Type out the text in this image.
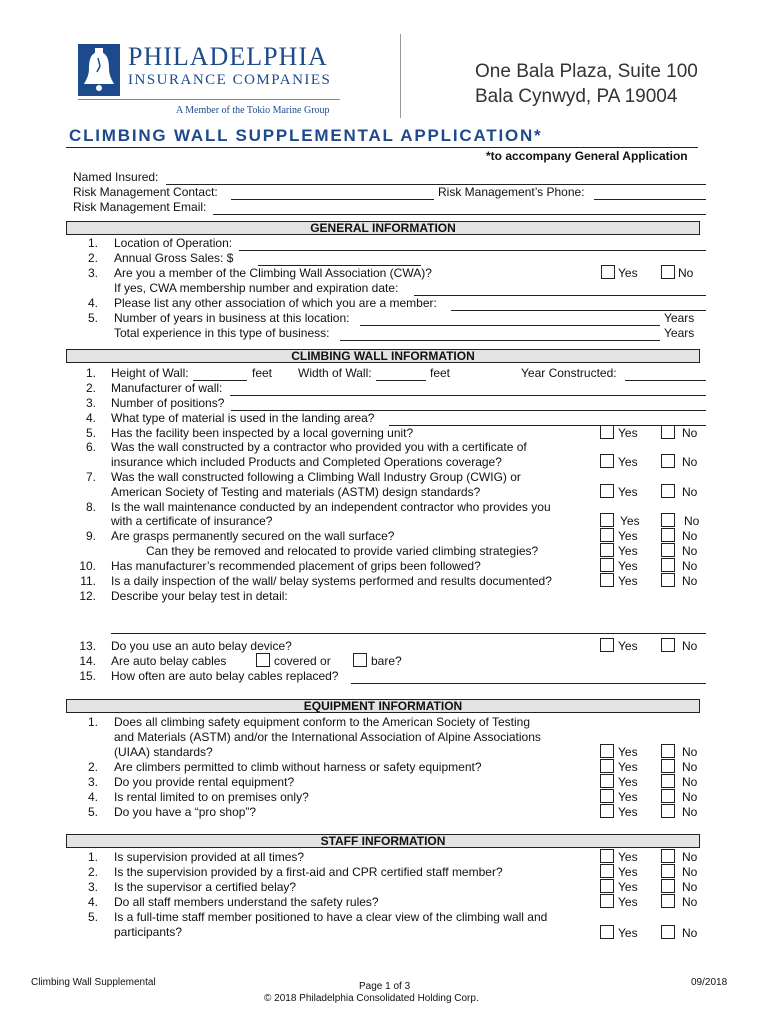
PHILADELPHIA
INSURANCE COMPANIES
A Member of the Tokio Marine Group
One Bala Plaza, Suite 100
Bala Cynwyd, PA 19004
CLIMBING WALL SUPPLEMENTAL APPLICATION*
*to accompany General Application
Named Insured:
Risk Management Contact:	Risk Management’s Phone:
Risk Management Email:
GENERAL INFORMATION
1. Location of Operation:
2. Annual Gross Sales: $
3. Are you a member of the Climbing Wall Association (CWA)?	Yes	No
If yes, CWA membership number and expiration date:
4. Please list any other association of which you are a member:
5. Number of years in business at this location:	Years
Total experience in this type of business:	Years
CLIMBING WALL INFORMATION
1. Height of Wall:	feet Width of Wall:	feet	Year Constructed:
2. Manufacturer of wall:
3. Number of positions?
4. What type of material is used in the landing area?
5. Has the facility been inspected by a local governing unit?	Yes	No
6. Was the wall constructed by a contractor who provided you with a certificate of
insurance which included Products and Completed Operations coverage?	Yes	No
7. Was the wall constructed following a Climbing Wall Industry Group (CWIG) or
American Society of Testing and materials (ASTM) design standards?	Yes	No
8. Is the wall maintenance conducted by an independent contractor who provides you
with a certificate of insurance?	Yes	No
9. Are grasps permanently secured on the wall surface?	Yes	No
Can they be removed and relocated to provide varied climbing strategies?	Yes	No
10. Has manufacturer’s recommended placement of grips been followed?	Yes	No
11. Is a daily inspection of the wall/ belay systems performed and results documented?	Yes	No
12. Describe your belay test in detail:
13. Do you use an auto belay device?	Yes	No
14. Are auto belay cables	covered or	bare?
15. How often are auto belay cables replaced?
EQUIPMENT INFORMATION
1. Does all climbing safety equipment conform to the American Society of Testing
and Materials (ASTM) and/or the International Association of Alpine Associations
(UIAA) standards?	Yes	No
2. Are climbers permitted to climb without harness or safety equipment?	Yes	No
3. Do you provide rental equipment?	Yes	No
4. Is rental limited to on premises only?	Yes	No
5. Do you have a “pro shop”?	Yes	No
STAFF INFORMATION
1. Is supervision provided at all times?	Yes	No
2. Is the supervision provided by a first-aid and CPR certified staff member?	Yes	No
3. Is the supervisor a certified belay?	Yes	No
4. Do all staff members understand the safety rules?	Yes	No
5. Is a full-time staff member positioned to have a clear view of the climbing wall and
participants?	Yes	No
Climbing Wall Supplemental	Page 1 of 3
© 2018 Philadelphia Consolidated Holding Corp.
09/2018
